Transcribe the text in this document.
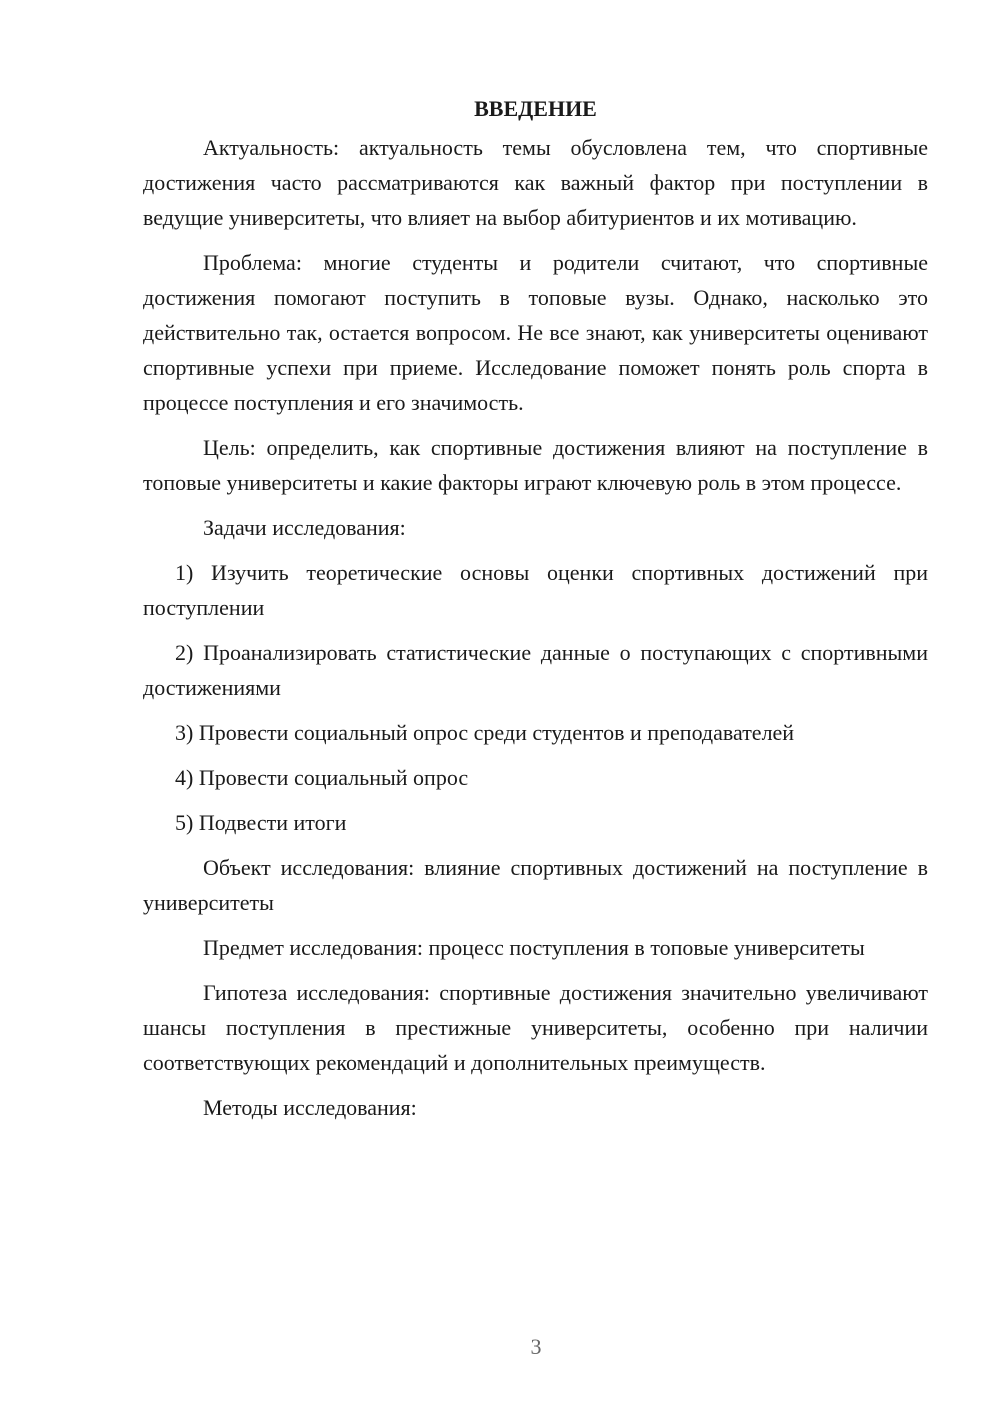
ВВЕДЕНИЕ

Актуальность: актуальность темы обусловлена тем, что спортивные достижения часто рассматриваются как важный фактор при поступлении в ведущие университеты, что влияет на выбор абитуриентов и их мотивацию.

Проблема: многие студенты и родители считают, что спортивные достижения помогают поступить в топовые вузы. Однако, насколько это действительно так, остается вопросом. Не все знают, как университеты оценивают спортивные успехи при приеме. Исследование поможет понять роль спорта в процессе поступления и его значимость.

Цель: определить, как спортивные достижения влияют на поступление в топовые университеты и какие факторы играют ключевую роль в этом процессе.

Задачи исследования:

1) Изучить теоретические основы оценки спортивных достижений при поступлении

2) Проанализировать статистические данные о поступающих с спортивными достижениями

3) Провести социальный опрос среди студентов и преподавателей

4) Провести социальный опрос

5) Подвести итоги

Объект исследования: влияние спортивных достижений на поступление в университеты

Предмет исследования: процесс поступления в топовые университеты

Гипотеза исследования: спортивные достижения значительно увеличивают шансы поступления в престижные университеты, особенно при наличии соответствующих рекомендаций и дополнительных преимуществ.

Методы исследования:

3
